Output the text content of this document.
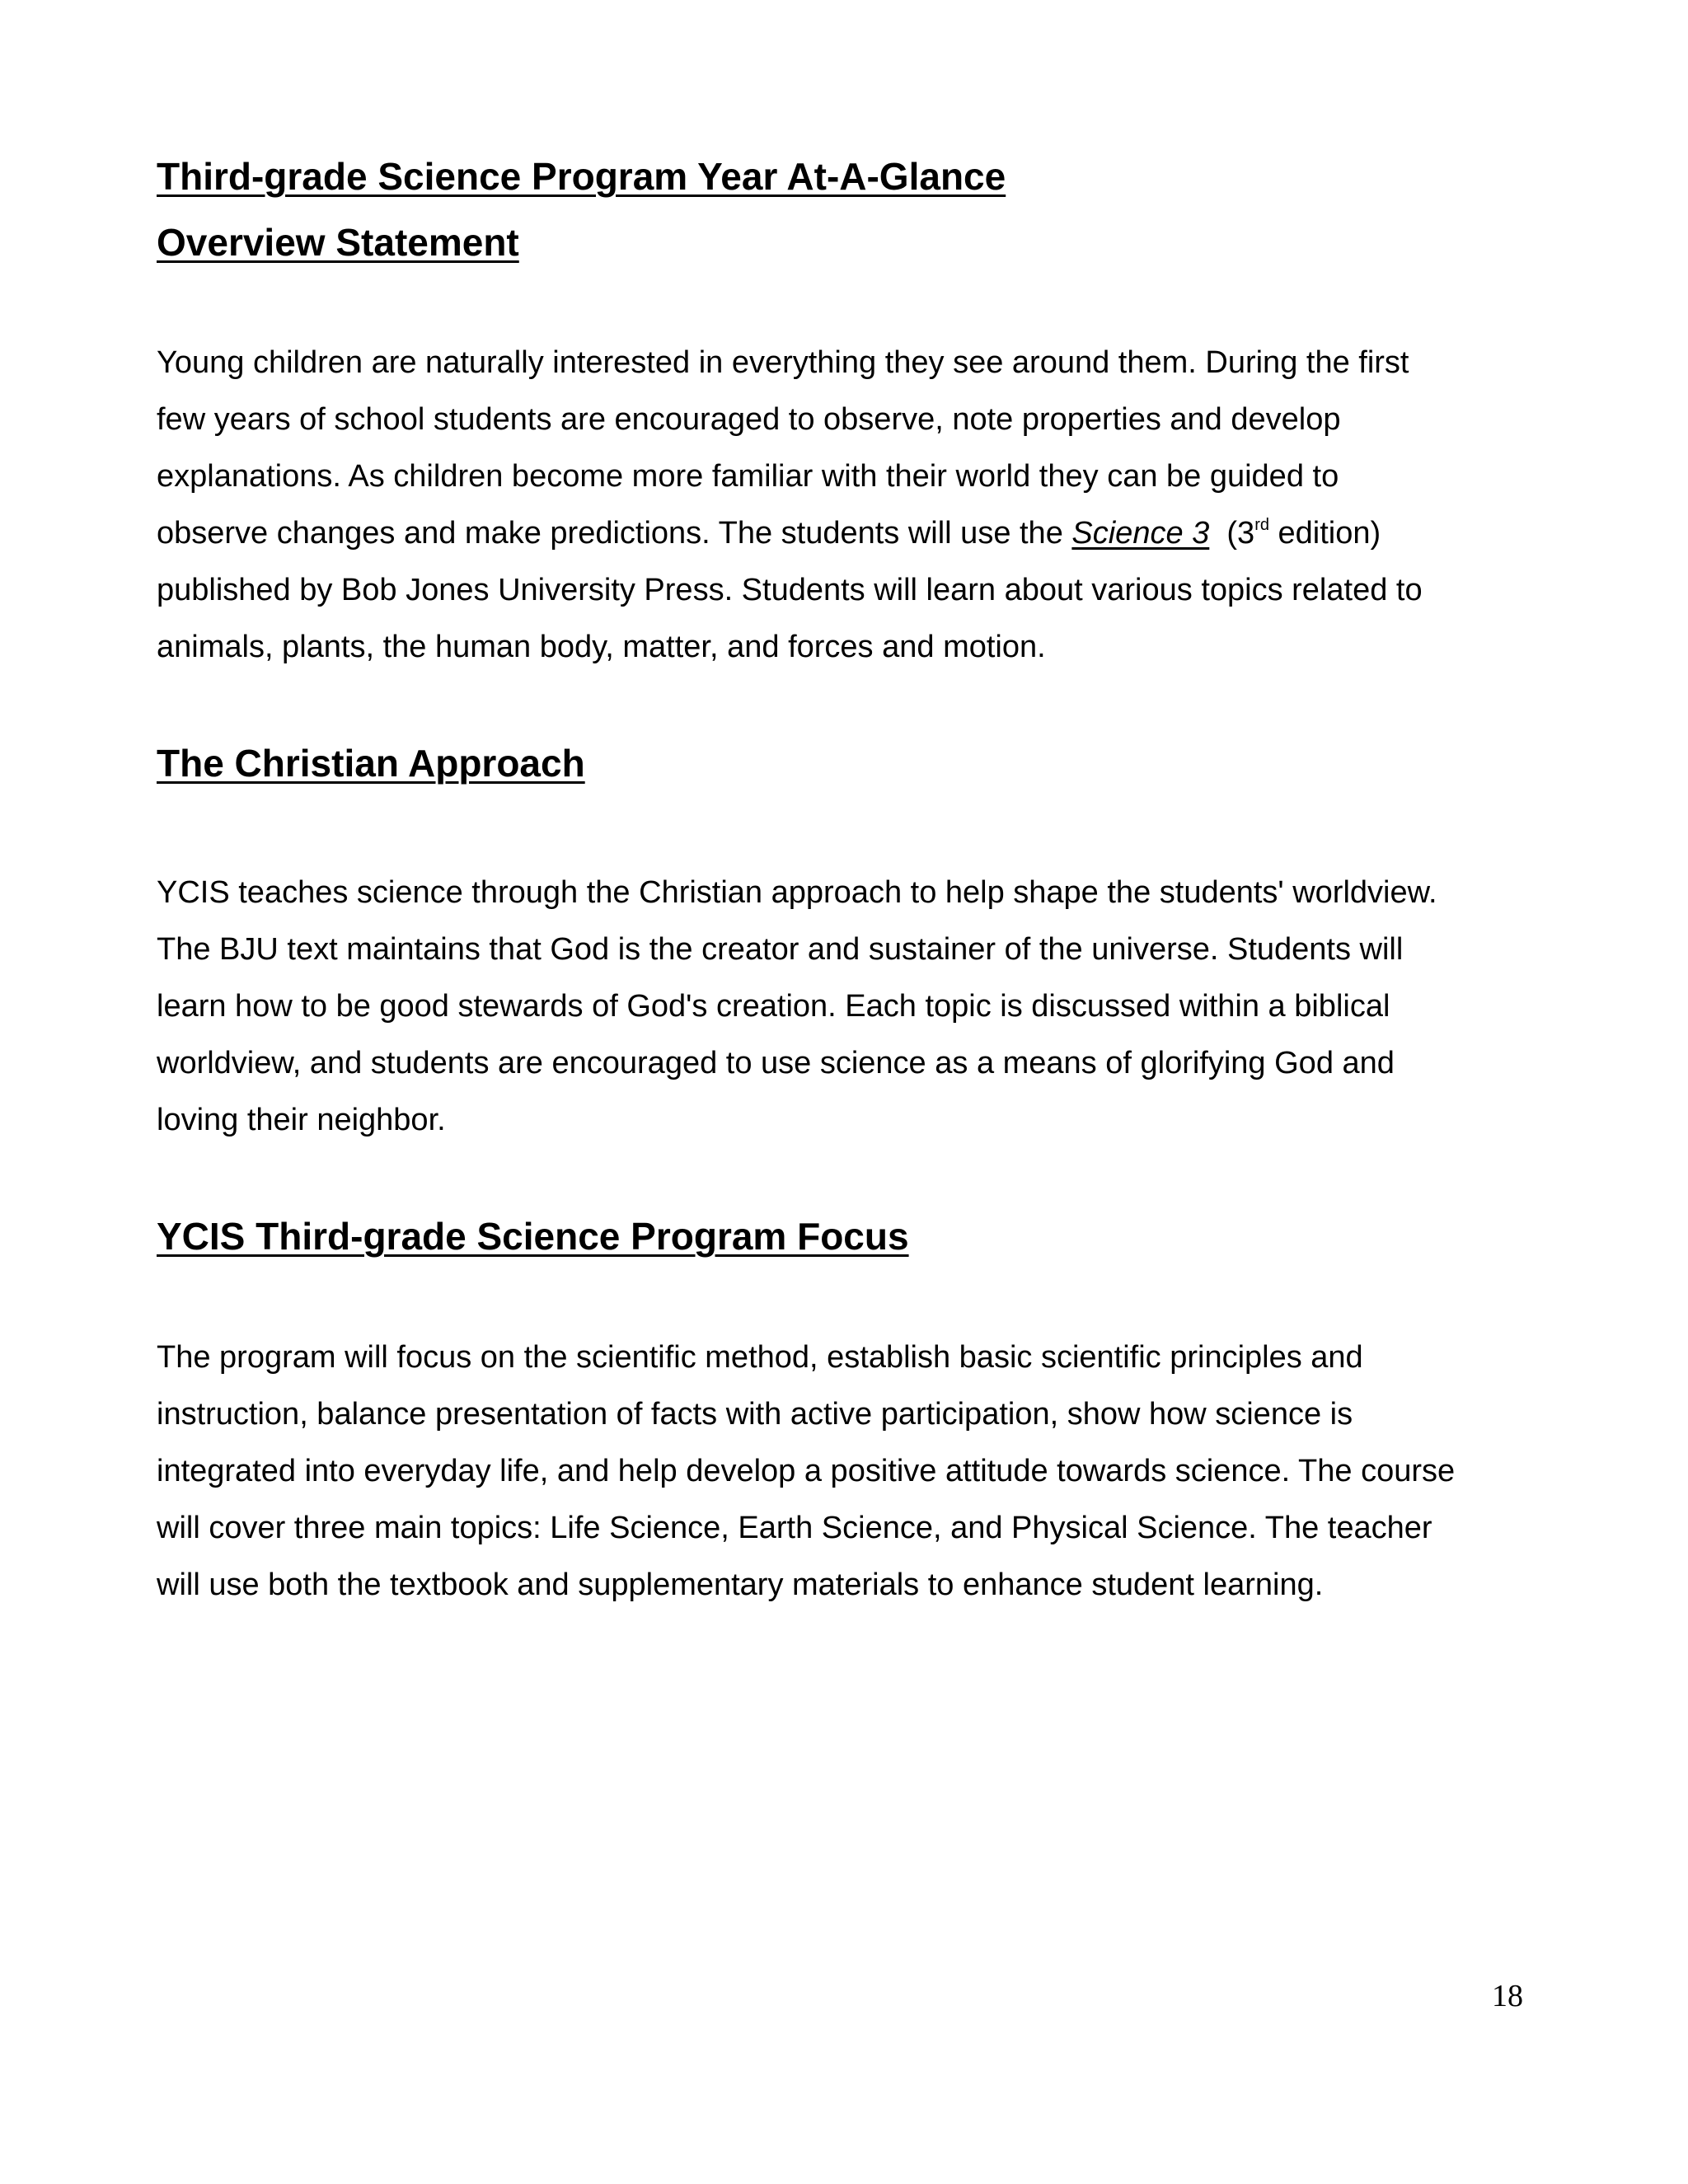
Third-grade Science Program Year At-A-Glance
Overview Statement

Young children are naturally interested in everything they see around them. During the first
few years of school students are encouraged to observe, note properties and develop
explanations. As children become more familiar with their world they can be guided to
observe changes and make predictions. The students will use the Science 3  (3rd edition)
published by Bob Jones University Press. Students will learn about various topics related to
animals, plants, the human body, matter, and forces and motion.

The Christian Approach

YCIS teaches science through the Christian approach to help shape the students' worldview.
The BJU text maintains that God is the creator and sustainer of the universe. Students will
learn how to be good stewards of God's creation. Each topic is discussed within a biblical
worldview, and students are encouraged to use science as a means of glorifying God and
loving their neighbor.

YCIS Third-grade Science Program Focus

The program will focus on the scientific method, establish basic scientific principles and
instruction, balance presentation of facts with active participation, show how science is
integrated into everyday life, and help develop a positive attitude towards science. The course
will cover three main topics: Life Science, Earth Science, and Physical Science. The teacher
will use both the textbook and supplementary materials to enhance student learning.

18
